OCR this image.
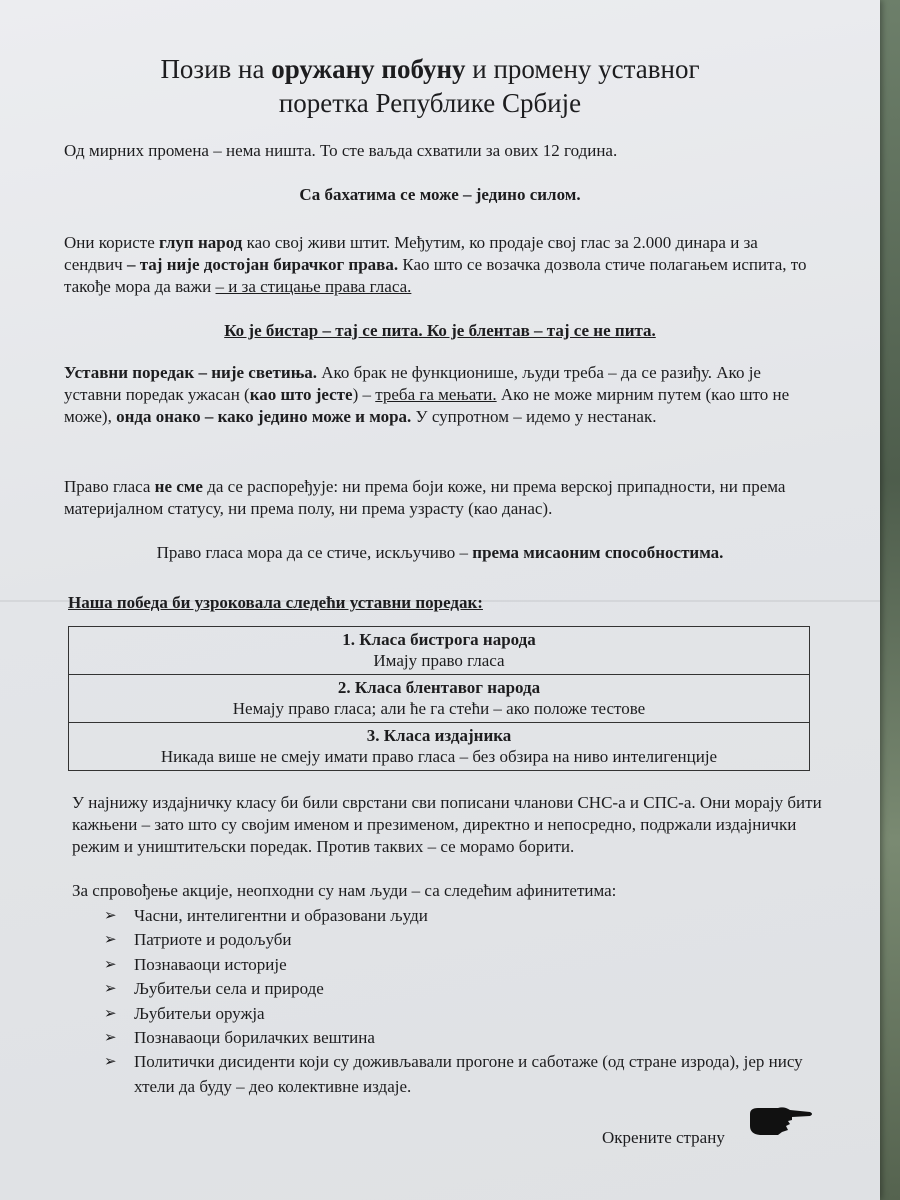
Позив на оружану побуну и промену уставног
поретка Републике Србије

Од мирних промена – нема ништа. То сте ваљда схватили за ових 12 година.

Са бахатима се може – једино силом.

Они користе глуп народ као свој живи штит. Међутим, ко продаје свој глас за 2.000 динара и за сендвич – тај није достојан бирачког права. Као што се возачка дозвола стиче полагањем испита, то такође мора да важи – и за стицање права гласа.

Ко је бистар – тај се пита. Ко је блентав – тај се не пита.

Уставни поредак – није светиња. Ако брак не функционише, људи треба – да се разиђу. Ако је уставни поредак ужасан (као што јесте) – треба га мењати. Ако не може мирним путем (као што не може), онда онако – како једино може и мора. У супротном – идемо у нестанак.

Право гласа не сме да се распоређује: ни према боји коже, ни према верској припадности, ни према материјалном статусу, ни према полу, ни према узрасту (као данас).

Право гласа мора да се стиче, искључиво – према мисаоним способностима.

Наша победа би узроковала следећи уставни поредак:

1. Класа бистрога народа
Имају право гласа

2. Класа блентавог народа
Немају право гласа; али ће га стећи – ако положе тестове

3. Класа издајника
Никада више не смеју имати право гласа – без обзира на ниво интелигенције

У најнижу издајничку класу би били сврстани сви пописани чланови СНС-а и СПС-а. Они морају бити кажњени – зато што су својим именом и презименом, директно и непосредно, подржали издајнички режим и уништитељски поредак. Против таквих – се морамо борити.

За спровођење акције, неопходни су нам људи – са следећим афинитетима:

➢ Часни, интелигентни и образовани људи
➢ Патриоте и родољуби
➢ Познаваоци историје
➢ Љубитељи села и природе
➢ Љубитељи оружја
➢ Познаваоци борилачких вештина
➢ Политички дисиденти који су доживљавали прогоне и саботаже (од стране изрода), јер нису хтели да буду – део колективне издаје.

Окрените страну
